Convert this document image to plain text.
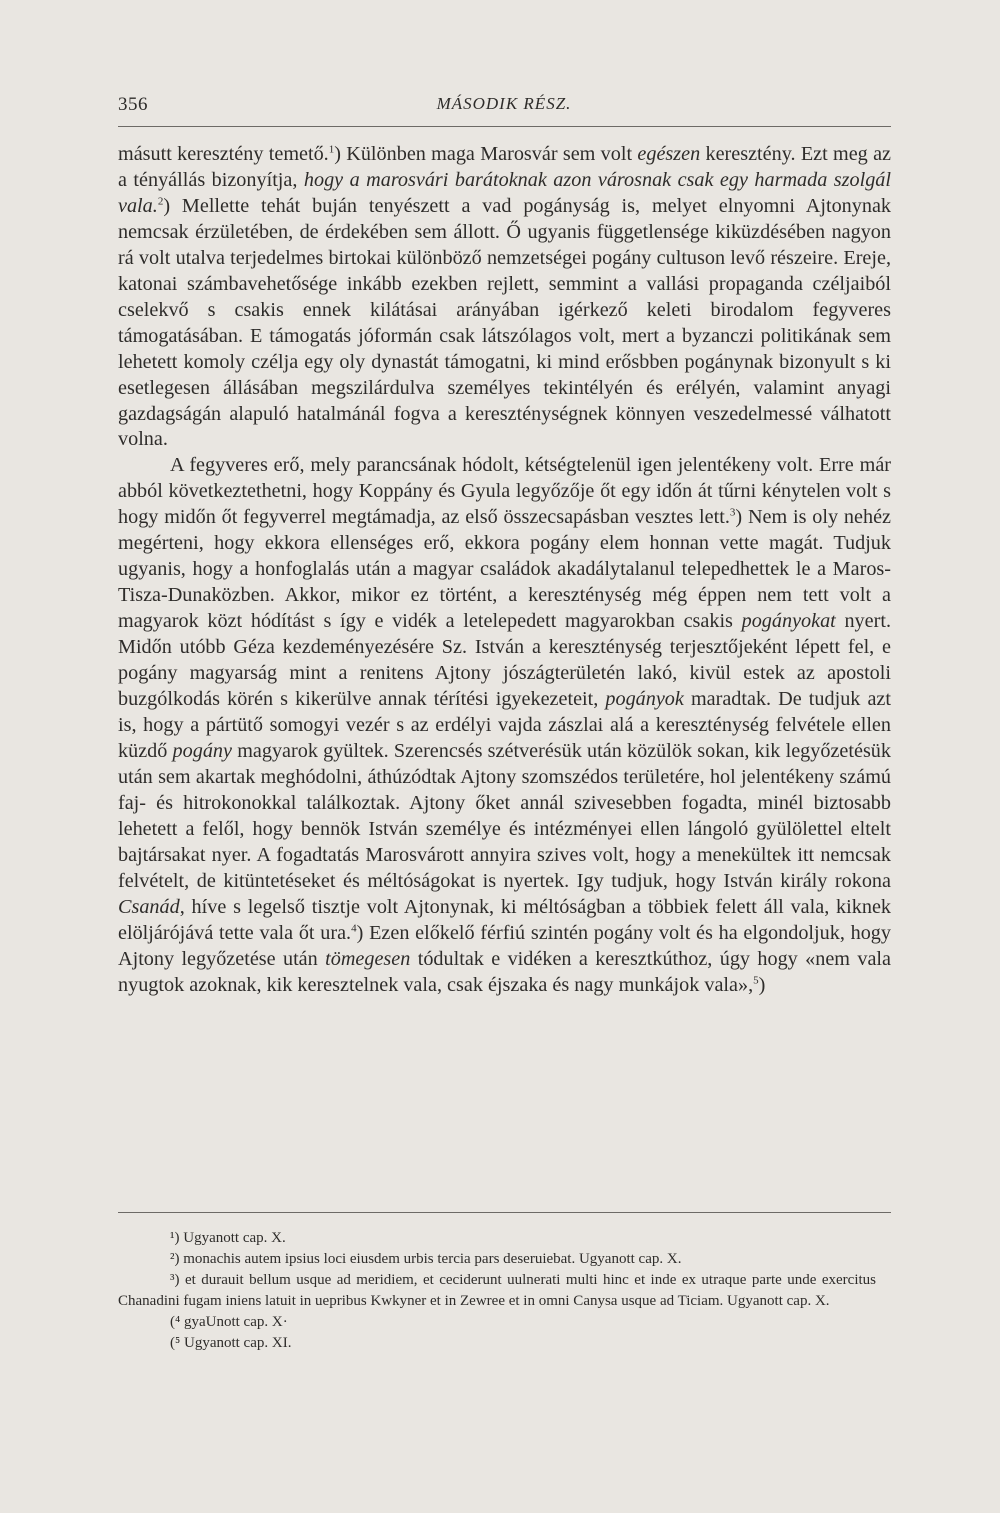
356	MÁSODIK RÉSZ.

másutt keresztény temető.$^1$) Különben maga Marosvár sem volt egészen keresztény. Ezt meg az a tényállás bizonyítja, hogy a marosvári barátoknak azon városnak csak egy harmada szolgál vala.$^2$) Mellette tehát buján tenyészett a vad pogányság is, melyet elnyomni Ajtonynak nemcsak érzületében, de érdekében sem állott. Ő ugyanis függetlensége kiküzdésében nagyon rá volt utalva terjedelmes birtokai különböző nemzetségei pogány cultuson levő részeire. Ereje, katonai számbavehetősége inkább ezekben rejlett, semmint a vallási propaganda czéljaiból cselekvő s csakis ennek kilátásai arányában igérkező keleti birodalom fegyveres támogatásában. E támogatás jóformán csak látszólagos volt, mert a byzanczi politikának sem lehetett komoly czélja egy oly dynastát támogatni, ki mind erősbben pogánynak bizonyult s ki esetlegesen állásában megszilárdulva személyes tekintélyén és erélyén, valamint anyagi gazdagságán alapuló hatalmánál fogva a kereszténységnek könnyen veszedelmessé válhatott volna.

A fegyveres erő, mely parancsának hódolt, kétségtelenül igen jelentékeny volt. Erre már abból következtethetni, hogy Koppány és Gyula legyőzője őt egy időn át tűrni kénytelen volt s hogy midőn őt fegyverrel megtámadja, az első összecsapásban vesztes lett.$^3$) Nem is oly nehéz megérteni, hogy ekkora ellenséges erő, ekkora pogány elem honnan vette magát. Tudjuk ugyanis, hogy a honfoglalás után a magyar családok akadálytalanul telepedhettek le a Maros-Tisza-Dunaközben. Akkor, mikor ez történt, a kereszténység még éppen nem tett volt a magyarok közt hódítást s így e vidék a letelepedett magyarokban csakis pogányokat nyert. Midőn utóbb Géza kezdeményezésére Sz. István a kereszténység terjesztőjeként lépett fel, e pogány magyarság mint a renitens Ajtony jószágterületén lakó, kivül estek az apostoli buzgólkodás körén s kikerülve annak térítési igyekezeteit, pogányok maradtak. De tudjuk azt is, hogy a pártütő somogyi vezér s az erdélyi vajda zászlai alá a kereszténység felvétele ellen küzdő pogány magyarok gyültek. Szerencsés szétverésük után közülök sokan, kik legyőzetésük után sem akartak meghódolni, áthúzódtak Ajtony szomszédos területére, hol jelentékeny számú faj- és hitrokonokkal találkoztak. Ajtony őket annál szivesebben fogadta, minél biztosabb lehetett a felől, hogy bennök István személye és intézményei ellen lángoló gyülölettel eltelt bajtársakat nyer. A fogadtatás Marosvárott annyira szives volt, hogy a menekültek itt nemcsak felvételt, de kitüntetéseket és méltóságokat is nyertek. Igy tudjuk, hogy István király rokona Csanád, híve s legelső tisztje volt Ajtonynak, ki méltóságban a többiek felett áll vala, kiknek elöljárójává tette vala őt ura.$^4$) Ezen előkelő férfiú szintén pogány volt és ha elgondoljuk, hogy Ajtony legyőzetése után tömegesen tódultak e vidéken a keresztkúthoz, úgy hogy «nem vala nyugtok azoknak, kik keresztelnek vala, csak éjszaka és nagy munkájok vala»,$^5$)

¹) Ugyanott cap. X.

²) monachis autem ipsius loci eiusdem urbis tercia pars deseruiebat. Ugyanott cap. X.

³) et durauit bellum usque ad meridiem, et ceciderunt uulnerati multi hinc et inde ex utraque parte unde exercitus Chanadini fugam iniens latuit in uepribus Kwkyner et in Zewree et in omni Canysa usque ad Ticiam. Ugyanott cap. X.

(⁴ gyaUnott cap. X·

(⁵ Ugyanott cap. XI.
